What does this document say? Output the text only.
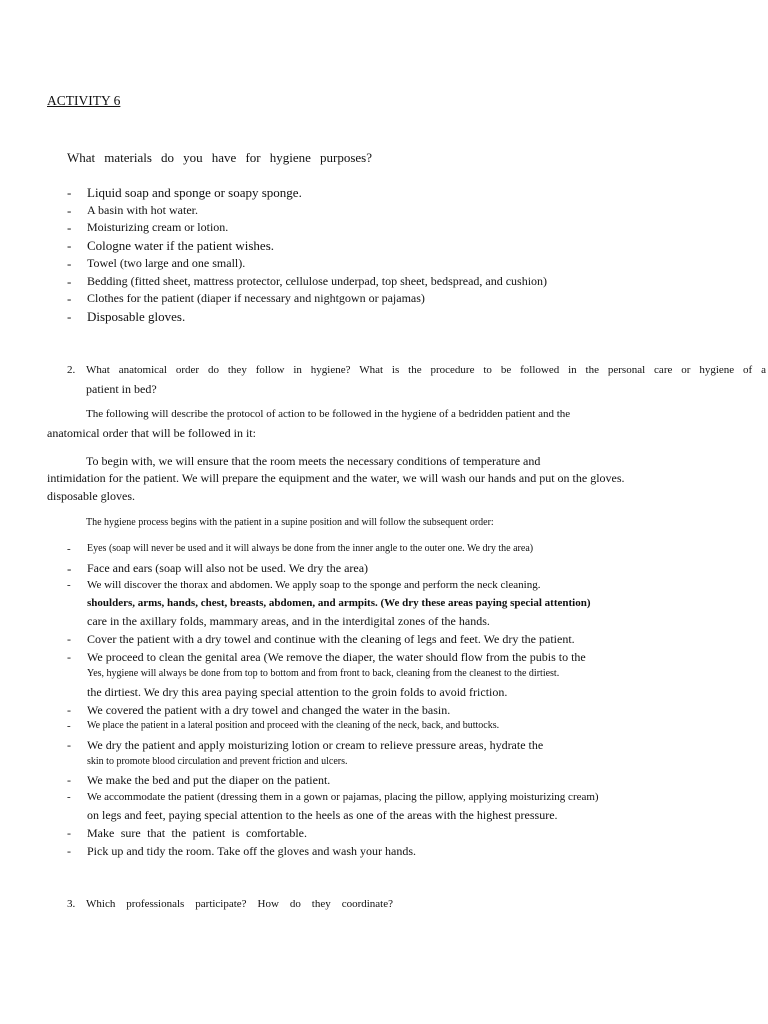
ACTIVITY 6
What materials do you have for hygiene purposes?
- Liquid soap and sponge or soapy sponge.
- A basin with hot water.
- Moisturizing cream or lotion.
- Cologne water if the patient wishes.
- Towel (two large and one small).
- Bedding (fitted sheet, mattress protector, cellulose underpad, top sheet, bedspread, and cushion)
- Clothes for the patient (diaper if necessary and nightgown or pajamas)
- Disposable gloves.
2. What anatomical order do they follow in hygiene? What is the procedure to be followed in the personal care or hygiene of a
patient in bed?
The following will describe the protocol of action to be followed in the hygiene of a bedridden patient and the
anatomical order that will be followed in it:
To begin with, we will ensure that the room meets the necessary conditions of temperature and
intimidation for the patient. We will prepare the equipment and the water, we will wash our hands and put on the gloves.
disposable gloves.
The hygiene process begins with the patient in a supine position and will follow the subsequent order:
- Eyes (soap will never be used and it will always be done from the inner angle to the outer one. We dry the area)
- Face and ears (soap will also not be used. We dry the area)
- We will discover the thorax and abdomen. We apply soap to the sponge and perform the neck cleaning.
shoulders, arms, hands, chest, breasts, abdomen, and armpits. (We dry these areas paying special attention)
care in the axillary folds, mammary areas, and in the interdigital zones of the hands.
- Cover the patient with a dry towel and continue with the cleaning of legs and feet. We dry the patient.
- We proceed to clean the genital area (We remove the diaper, the water should flow from the pubis to the
Yes, hygiene will always be done from top to bottom and from front to back, cleaning from the cleanest to the dirtiest.
the dirtiest. We dry this area paying special attention to the groin folds to avoid friction.
- We covered the patient with a dry towel and changed the water in the basin.
- We place the patient in a lateral position and proceed with the cleaning of the neck, back, and buttocks.
- We dry the patient and apply moisturizing lotion or cream to relieve pressure areas, hydrate the
skin to promote blood circulation and prevent friction and ulcers.
- We make the bed and put the diaper on the patient.
- We accommodate the patient (dressing them in a gown or pajamas, placing the pillow, applying moisturizing cream)
on legs and feet, paying special attention to the heels as one of the areas with the highest pressure.
- Make sure that the patient is comfortable.
- Pick up and tidy the room. Take off the gloves and wash your hands.
3. Which professionals participate? How do they coordinate?
